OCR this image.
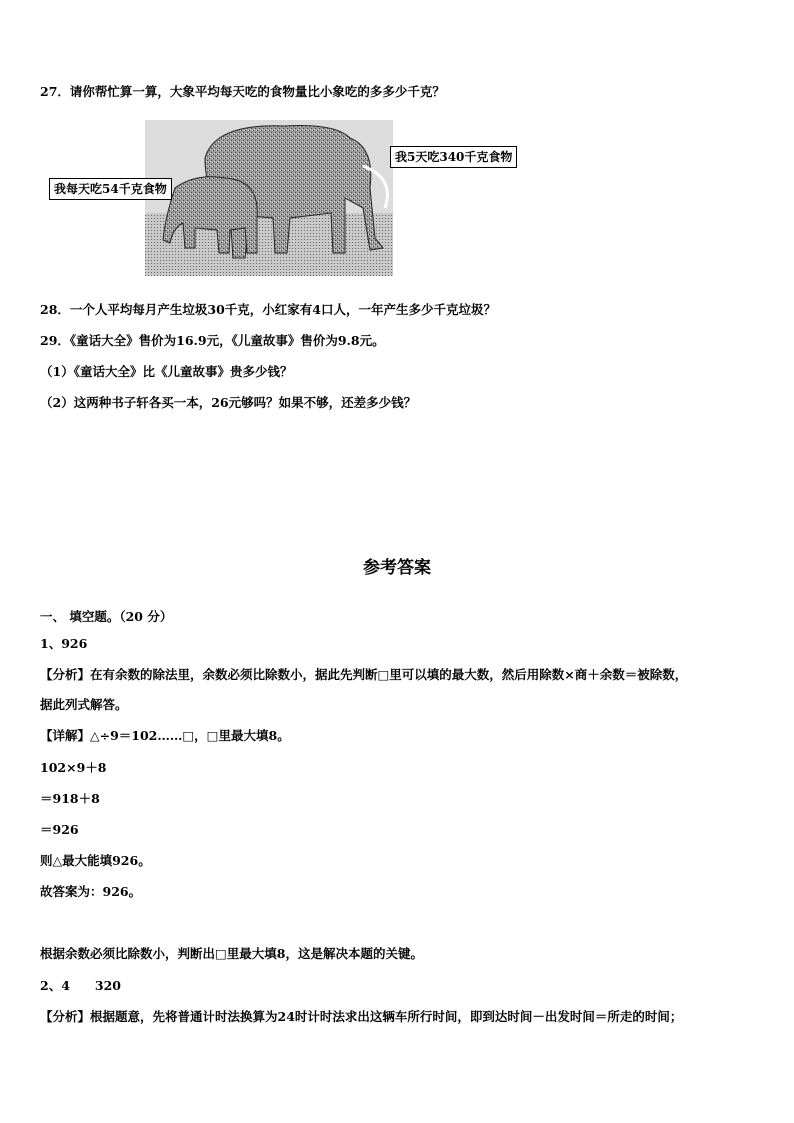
27．请你帮忙算一算，大象平均每天吃的食物量比小象吃的多多少千克？
我每天吃54千克食物
我5天吃340千克食物
28．一个人平均每月产生垃圾30千克，小红家有4口人，一年产生多少千克垃圾？
29．《童话大全》售价为16.9元，《儿童故事》售价为9.8元。
（1）《童话大全》比《儿童故事》贵多少钱？
（2）这两种书子轩各买一本，26元够吗？如果不够，还差多少钱？
参考答案
一、 填空题。（20 分）
1、926
【分析】在有余数的除法里，余数必须比除数小，据此先判断□里可以填的最大数，然后用除数×商＋余数＝被除数，
据此列式解答。
【详解】△÷9＝102……□，□里最大填8。
102×9＋8
＝918＋8
＝926
则△最大能填926。
故答案为：926。
根据余数必须比除数小，判断出□里最大填8，这是解决本题的关键。
2、4　　320
【分析】根据题意，先将普通计时法换算为24时计时法求出这辆车所行时间，即到达时间－出发时间＝所走的时间；
